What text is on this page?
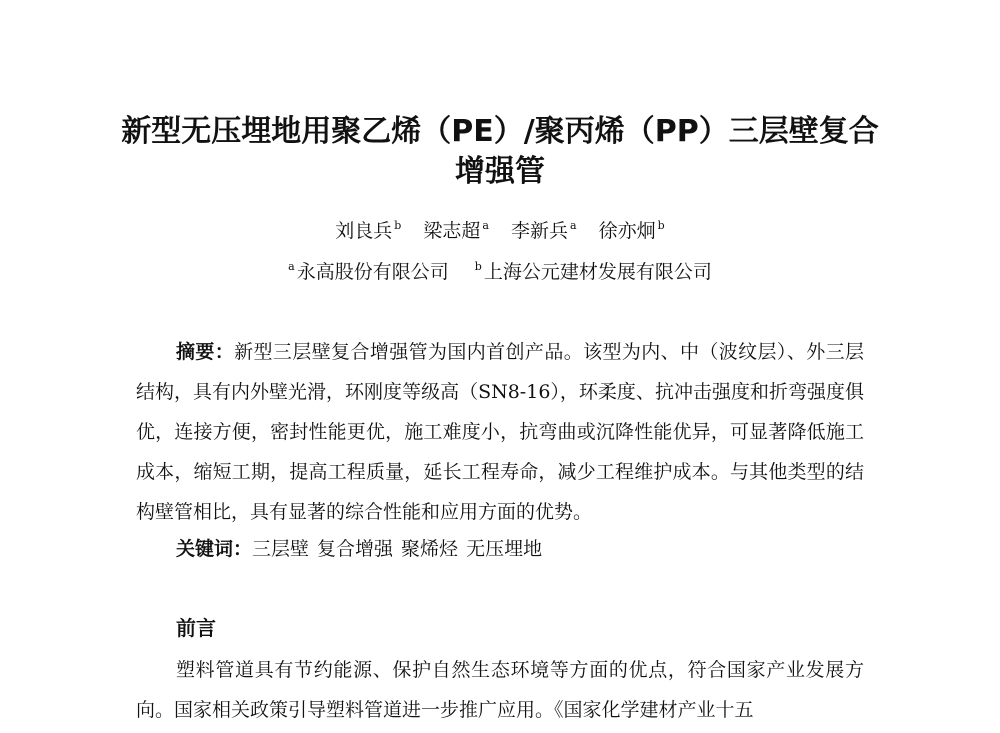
新型无压埋地用聚乙烯（PE）/聚丙烯（PP）三层壁复合
增强管
刘良兵 $^b$ 梁志超 $^a$ 李新兵 $^a$ 徐亦炯 $^b$
$^a$ 永高股份有限公司 $^b$ 上海公元建材发展有限公司

摘要：新型三层壁复合增强管为国内首创产品。该型为内、中（波纹层）、外三层结构，具有内外壁光滑，环刚度等级高（SN8-16），环柔度、抗冲击强度和折弯强度俱优，连接方便，密封性能更优，施工难度小，抗弯曲或沉降性能优异，可显著降低施工成本，缩短工期，提高工程质量，延长工程寿命，减少工程维护成本。与其他类型的结构壁管相比，具有显著的综合性能和应用方面的优势。

关键词：三层壁 复合增强 聚烯烃 无压埋地
前言

塑料管道具有节约能源、保护自然生态环境等方面的优点，符合国家产业发展方向。国家相关政策引导塑料管道进一步推广应用。《国家化学建材产业十五
